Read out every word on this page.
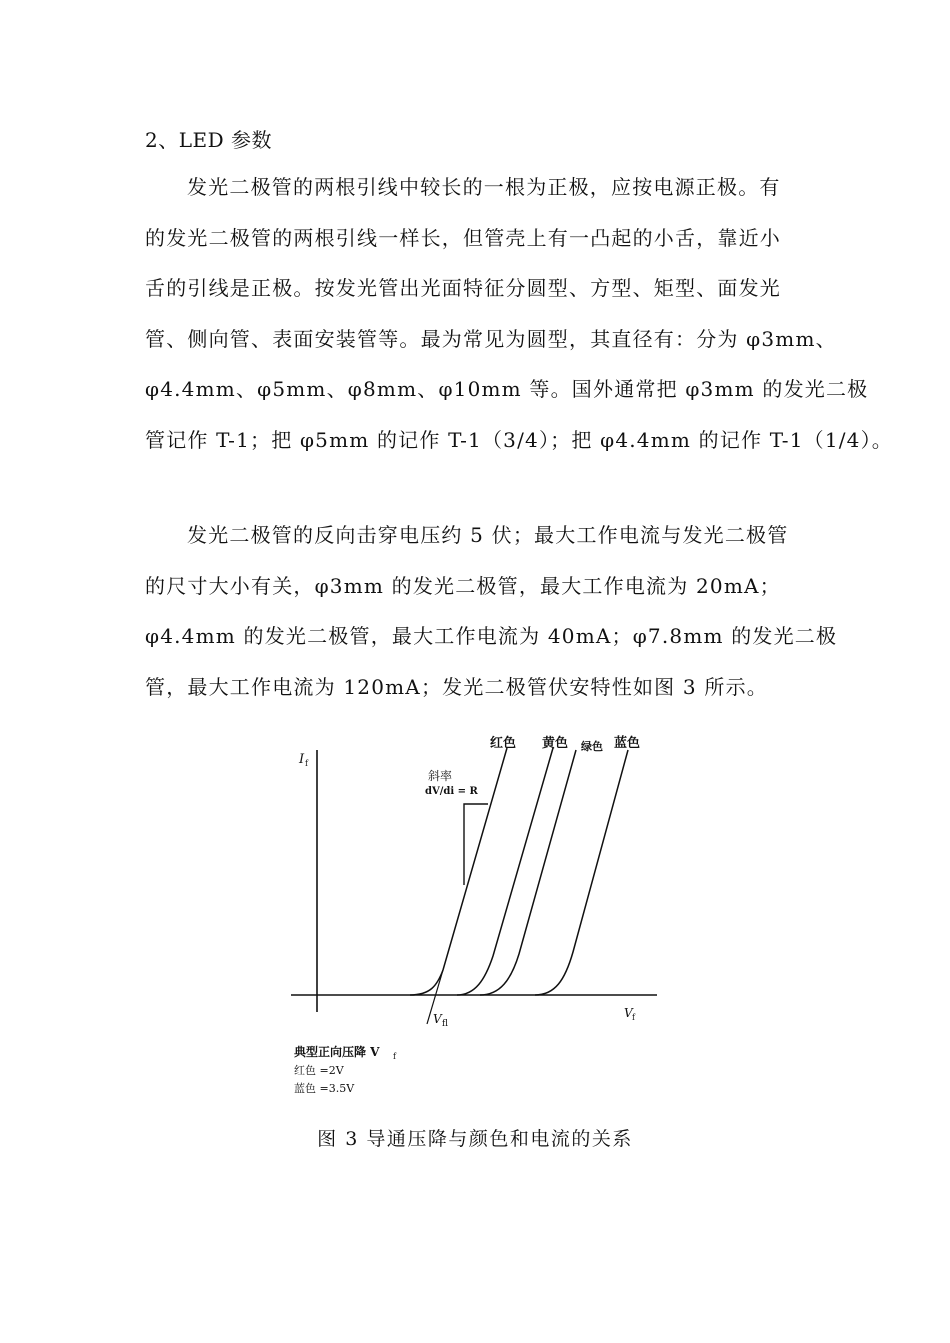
2、LED 参数
发光二极管的两根引线中较长的一根为正极，应按电源正极。有
的发光二极管的两根引线一样长，但管壳上有一凸起的小舌，靠近小
舌的引线是正极。按发光管出光面特征分圆型、方型、矩型、面发光
管、侧向管、表面安装管等。最为常见为圆型，其直径有：分为 φ3mm、
φ4.4mm、φ5mm、φ8mm、φ10mm 等。国外通常把 φ3mm 的发光二极
管记作 T-1；把 φ5mm 的记作 T-1（3/4）；把 φ4.4mm 的记作 T-1（1/4）。
发光二极管的反向击穿电压约 5 伏；最大工作电流与发光二极管
的尺寸大小有关，φ3mm 的发光二极管，最大工作电流为 20mA；
φ4.4mm 的发光二极管，最大工作电流为 40mA；φ7.8mm 的发光二极
管，最大工作电流为 120mA；发光二极管伏安特性如图 3 所示。
I f
V f
V fl
斜率
dV/di = R
红色 黄色 绿色 蓝色
典型正向压降 V f
红色 =2V
蓝色 =3.5V
图 3 导通压降与颜色和电流的关系
